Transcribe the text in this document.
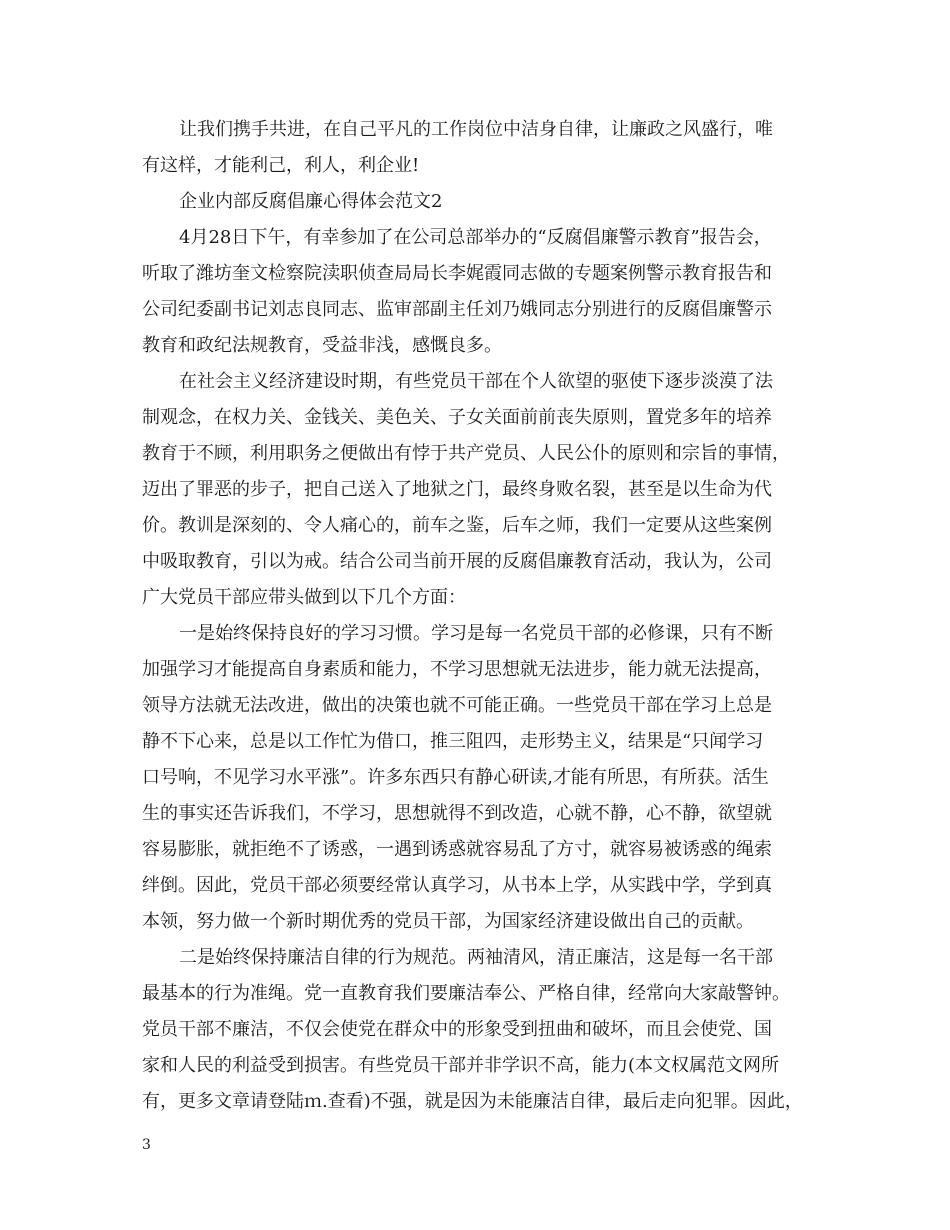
让我们携手共进，在自己平凡的工作岗位中洁身自律，让廉政之风盛行，唯
有这样，才能利己，利人，利企业!
企业内部反腐倡廉心得体会范文2
4月28日下午，有幸参加了在公司总部举办的“反腐倡廉警示教育”报告会，
听取了潍坊奎文检察院渎职侦查局局长李娓霞同志做的专题案例警示教育报告和
公司纪委副书记刘志良同志、监审部副主任刘乃娥同志分别进行的反腐倡廉警示
教育和政纪法规教育，受益非浅，感慨良多。
在社会主义经济建设时期，有些党员干部在个人欲望的驱使下逐步淡漠了法
制观念，在权力关、金钱关、美色关、子女关面前前丧失原则，置党多年的培养
教育于不顾，利用职务之便做出有悖于共产党员、人民公仆的原则和宗旨的事情，
迈出了罪恶的步子，把自己送入了地狱之门，最终身败名裂，甚至是以生命为代
价。教训是深刻的、令人痛心的，前车之鉴，后车之师，我们一定要从这些案例
中吸取教育，引以为戒。结合公司当前开展的反腐倡廉教育活动，我认为，公司
广大党员干部应带头做到以下几个方面：
一是始终保持良好的学习习惯。学习是每一名党员干部的必修课，只有不断
加强学习才能提高自身素质和能力，不学习思想就无法进步，能力就无法提高，
领导方法就无法改进，做出的决策也就不可能正确。一些党员干部在学习上总是
静不下心来，总是以工作忙为借口，推三阻四，走形势主义，结果是“只闻学习
口号响，不见学习水平涨”。许多东西只有静心研读,才能有所思，有所获。活生
生的事实还告诉我们，不学习，思想就得不到改造，心就不静，心不静，欲望就
容易膨胀，就拒绝不了诱惑，一遇到诱惑就容易乱了方寸，就容易被诱惑的绳索
绊倒。因此，党员干部必须要经常认真学习，从书本上学，从实践中学，学到真
本领，努力做一个新时期优秀的党员干部，为国家经济建设做出自己的贡献。
二是始终保持廉洁自律的行为规范。两袖清风，清正廉洁，这是每一名干部
最基本的行为准绳。党一直教育我们要廉洁奉公、严格自律，经常向大家敲警钟。
党员干部不廉洁，不仅会使党在群众中的形象受到扭曲和破坏，而且会使党、国
家和人民的利益受到损害。有些党员干部并非学识不高，能力(本文权属范文网所
有，更多文章请登陆ｍ.查看)不强，就是因为未能廉洁自律，最后走向犯罪。因此，
3
